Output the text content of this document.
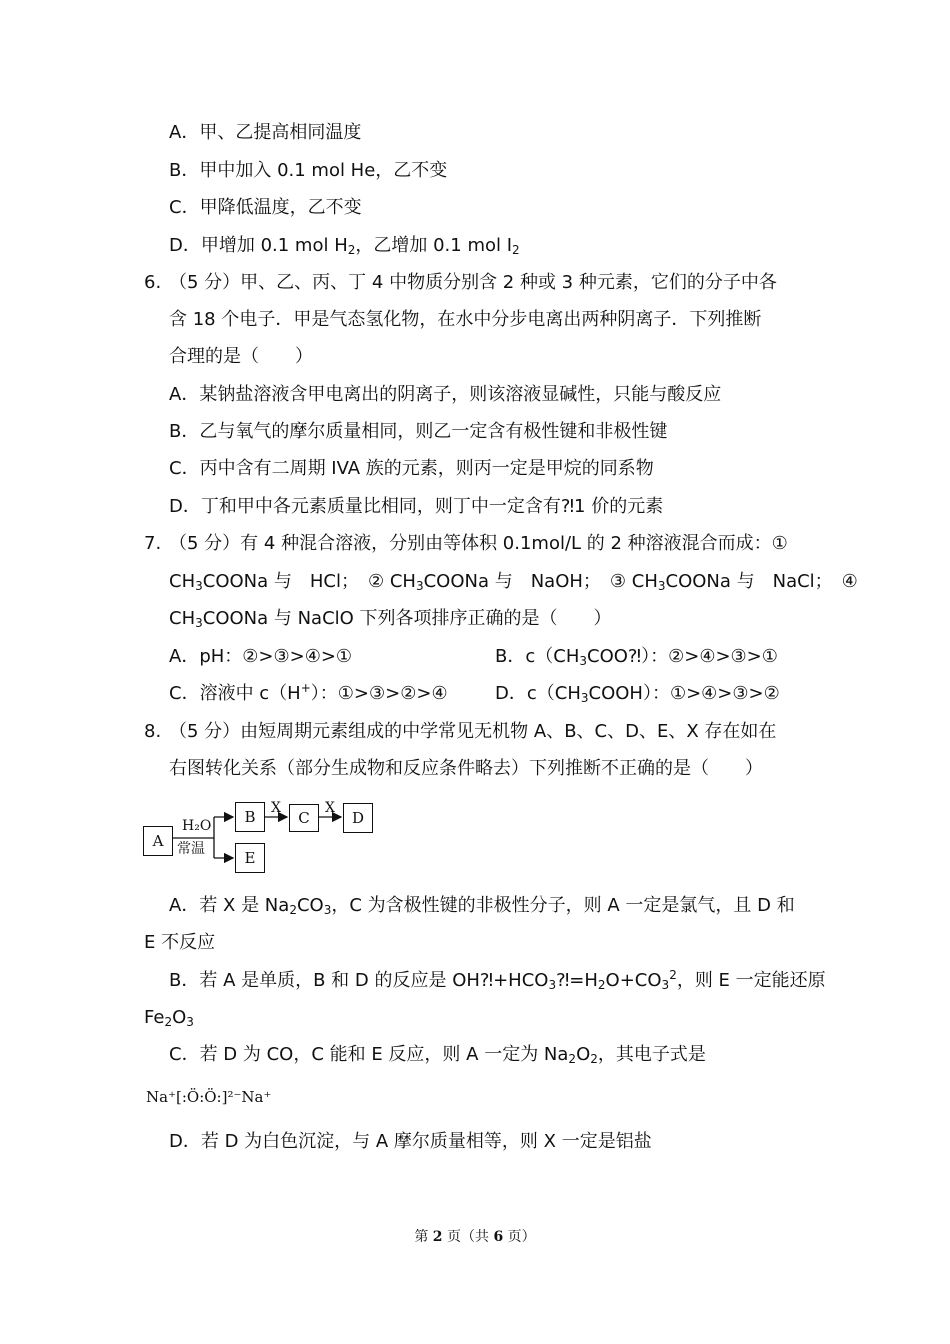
A．甲、乙提高相同温度
B．甲中加入 0.1 mol He，乙不变
C．甲降低温度，乙不变
D．甲增加 0.1 mol $H_2$，乙增加 0.1 mol $I_2$
6. （5 分）甲、乙、丙、丁 4 中物质分别含 2 种或 3 种元素，它们的分子中各
含 18 个电子．甲是气态氢化物，在水中分步电离出两种阴离子．下列推断
合理的是（　　）
A．某钠盐溶液含甲电离出的阴离子，则该溶液显碱性，只能与酸反应
B．乙与氧气的摩尔质量相同，则乙一定含有极性键和非极性键
C．丙中含有二周期 IVA 族的元素，则丙一定是甲烷的同系物
D．丁和甲中各元素质量比相同，则丁中一定含有⁈1 价的元素
7. （5 分）有 4 种混合溶液，分别由等体积 0.1mol/L 的 2 种溶液混合而成：①
$CH_3COONa$ 与　HCl；　② $CH_3COONa$ 与　NaOH；　③ $CH_3COONa$ 与　NaCl；　④
$CH_3COONa$ 与 NaClO 下列各项排序正确的是（　　）
A．pH：②>③>④>①	B．$c(CH_3COO⁈)$：②>④>③>①
C．溶液中 c（H+）：①>③>②>④	D．$c(CH_3COOH)$：①>④>③>②
8. （5 分）由短周期元素组成的中学常见无机物 A、B、C、D、E、X 存在如在
右图转化关系（部分生成物和反应条件略去）下列推断不正确的是（　　）
A
B	C	D
E
H₂O
常温
X	X
A．若 X 是 $Na_2CO_3$，C 为含极性键的非极性分子，则 A 一定是氯气，且 D 和
E 不反应
B．若 A 是单质，B 和 D 的反应是 $OH⁈+HCO_3⁈=H_2O+CO_3^2$，则 E 一定能还原
$Fe_2O_3$
C．若 D 为 CO，C 能和 E 反应，则 A 一定为 $Na_2O_2$，其电子式是
Na⁺[:Ö:Ö:]²⁻Na⁺
D．若 D 为白色沉淀，与 A 摩尔质量相等，则 X 一定是铝盐
第 2 页（共 6 页）
